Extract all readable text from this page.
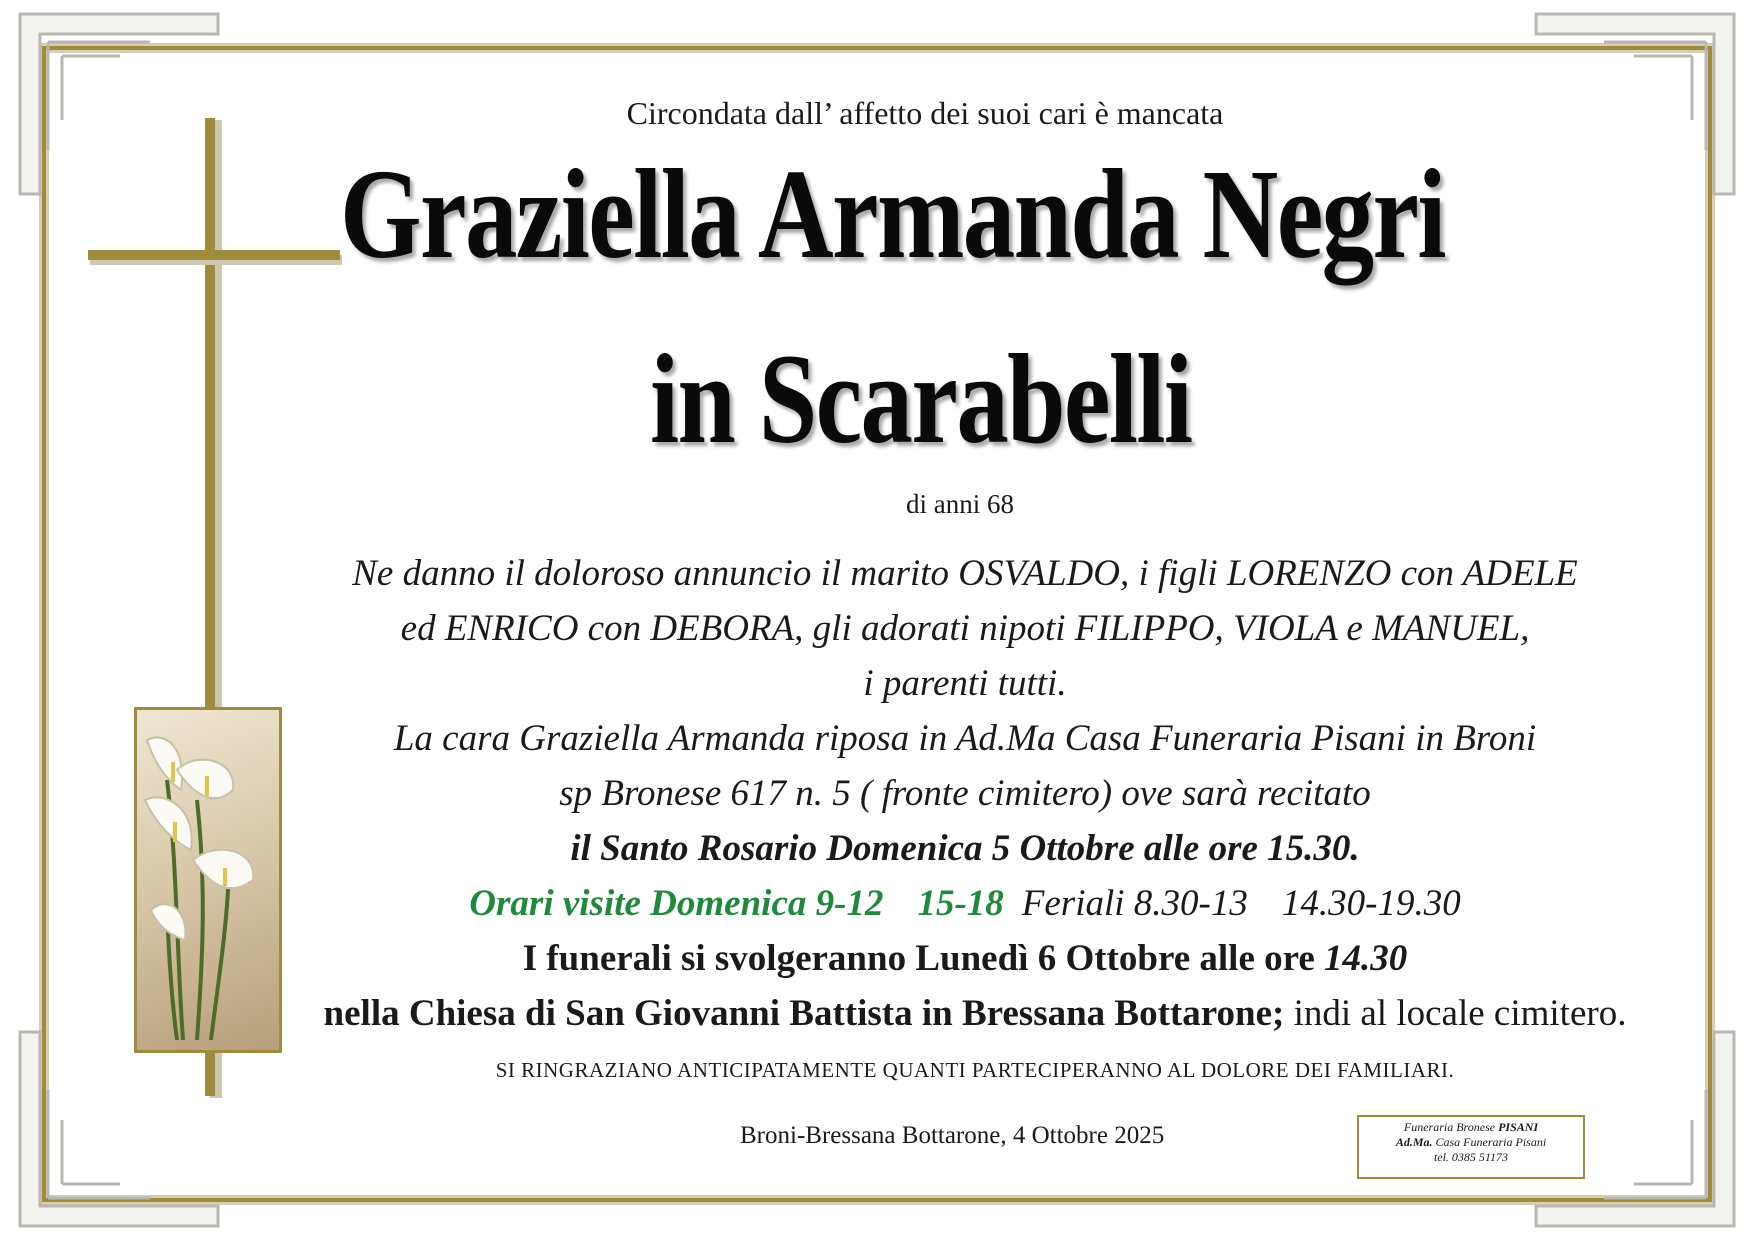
Circondata dall’ affetto dei suoi cari è mancata
Graziella Armanda Negri
in Scarabelli
di anni 68
Ne danno il doloroso annuncio il marito OSVALDO, i figli LORENZO con ADELE
ed ENRICO con DEBORA, gli adorati nipoti FILIPPO, VIOLA e MANUEL,
i parenti tutti.
La cara Graziella Armanda riposa in Ad.Ma Casa Funeraria Pisani in Broni
sp Bronese 617 n. 5 ( fronte cimitero) ove sarà recitato
il Santo Rosario Domenica 5 Ottobre alle ore 15.30.
Orari visite Domenica 9-12 15-18 Feriali 8.30-13 14.30-19.30
I funerali si svolgeranno Lunedì 6 Ottobre alle ore 14.30
nella Chiesa di San Giovanni Battista in Bressana Bottarone; indi al locale cimitero.
SI RINGRAZIANO ANTICIPATAMENTE QUANTI PARTECIPERANNO AL DOLORE DEI FAMILIARI.
Broni-Bressana Bottarone, 4 Ottobre 2025	Funeraria Bronese PISANI
Ad.Ma. Casa Funeraria Pisani
tel. 0385 51173
